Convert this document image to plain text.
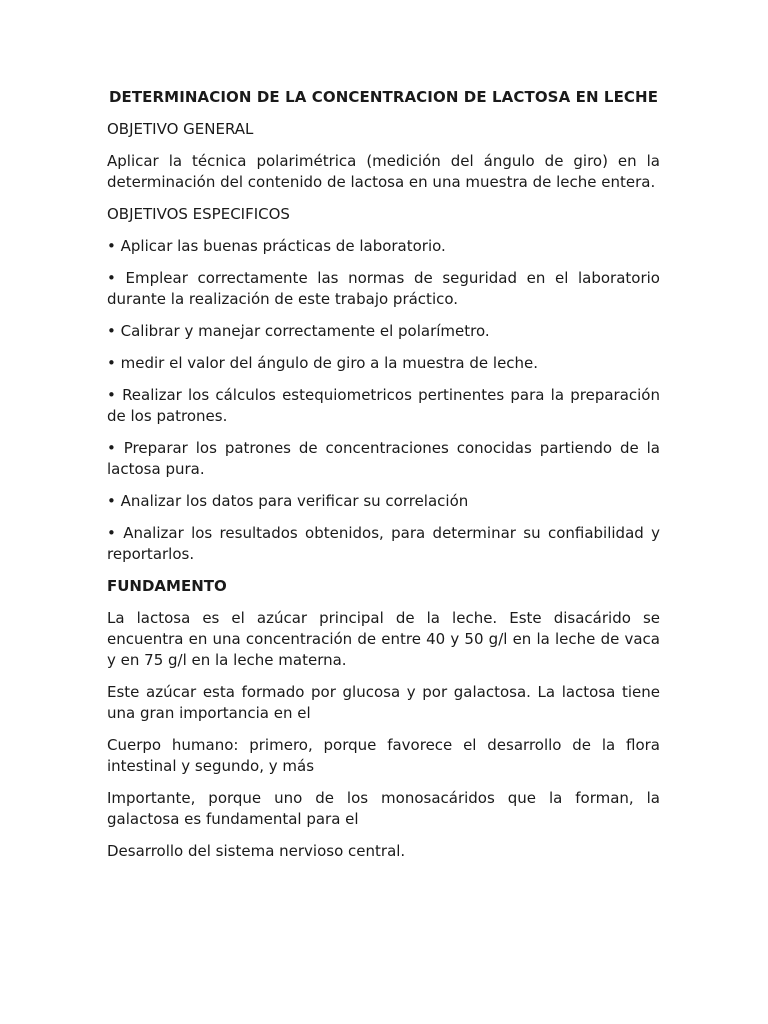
DETERMINACION DE LA CONCENTRACION DE LACTOSA EN LECHE
OBJETIVO GENERAL

Aplicar la técnica polarimétrica (medición del ángulo de giro) en la determinación del contenido de lactosa en una muestra de leche entera.

OBJETIVOS ESPECIFICOS

• Aplicar las buenas prácticas de laboratorio.

• Emplear correctamente las normas de seguridad en el laboratorio durante la realización de este trabajo práctico.

• Calibrar y manejar correctamente el polarímetro.

• medir el valor del ángulo de giro a la muestra de leche.

• Realizar los cálculos estequiometricos pertinentes para la preparación de los patrones.

• Preparar los patrones de concentraciones conocidas partiendo de la lactosa pura.

• Analizar los datos para verificar su correlación

• Analizar los resultados obtenidos, para determinar su confiabilidad y reportarlos.

FUNDAMENTO

La lactosa es el azúcar principal de la leche. Este disacárido se encuentra en una concentración de entre 40 y 50 g/l en la leche de vaca y en 75 g/l en la leche materna.

Este azúcar esta formado por glucosa y por galactosa. La lactosa tiene una gran importancia en el

Cuerpo humano: primero, porque favorece el desarrollo de la flora intestinal y segundo, y más

Importante, porque uno de los monosacáridos que la forman, la galactosa es fundamental para el

Desarrollo del sistema nervioso central.
